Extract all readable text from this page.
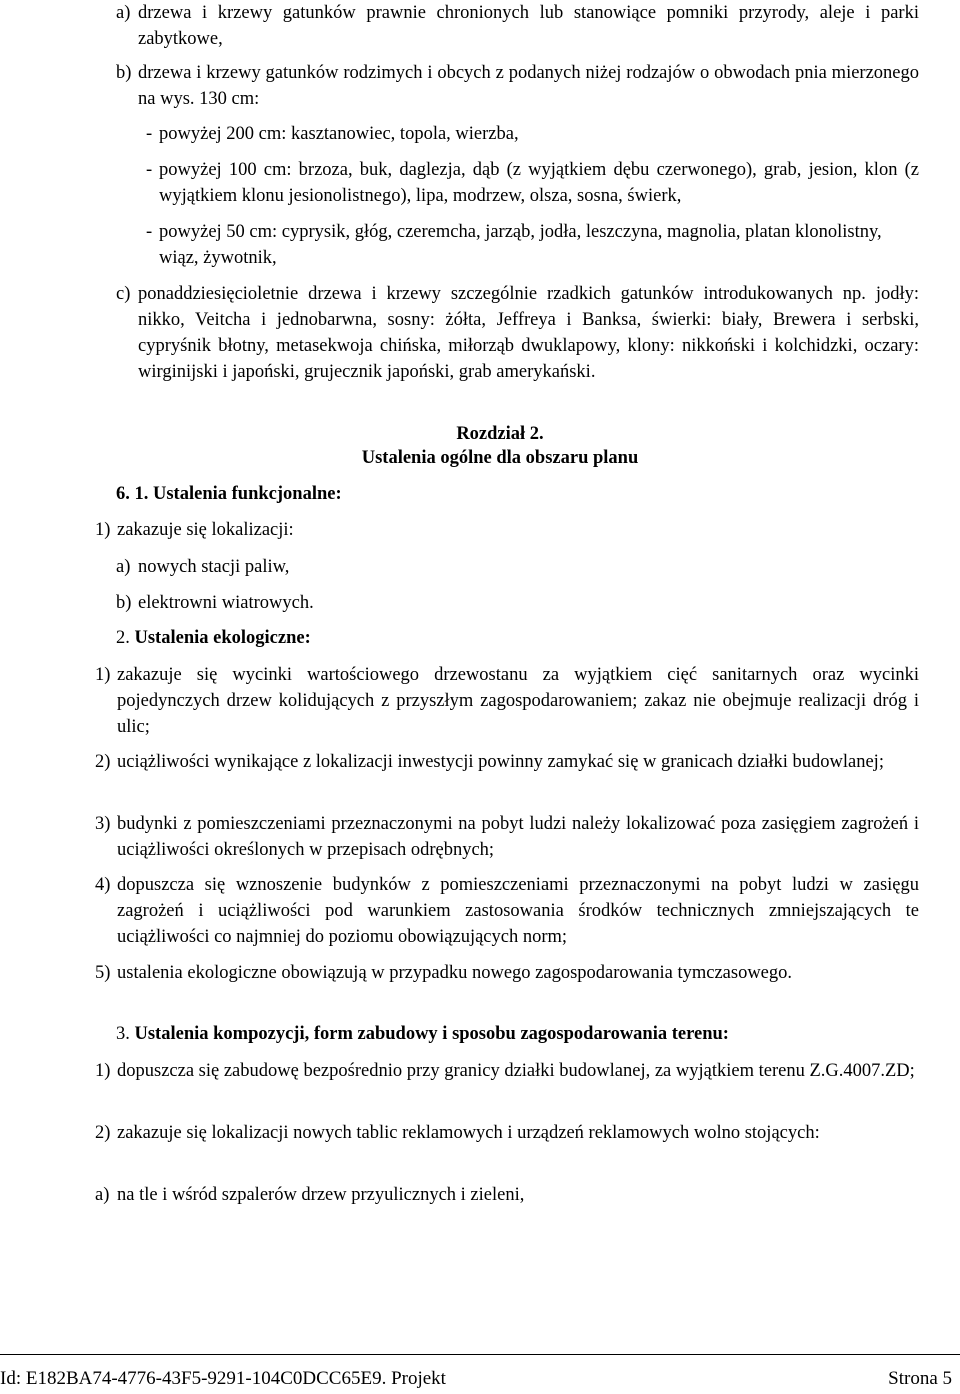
a) drzewa i krzewy gatunków prawnie chronionych lub stanowiące pomniki przyrody, aleje i parki zabytkowe,
b) drzewa i krzewy gatunków rodzimych i obcych z podanych niżej rodzajów o obwodach pnia mierzonego na wys. 130 cm:
- powyżej 200 cm: kasztanowiec, topola, wierzba,
- powyżej 100 cm: brzoza, buk, daglezja, dąb (z wyjątkiem dębu czerwonego), grab, jesion, klon (z wyjątkiem klonu jesionolistnego), lipa, modrzew, olsza, sosna, świerk,
- powyżej 50 cm: cyprysik, głóg, czeremcha, jarząb, jodła, leszczyna, magnolia, platan klonolistny, wiąz, żywotnik,
c) ponaddziesięcioletnie drzewa i krzewy szczególnie rzadkich gatunków introdukowanych np. jodły: nikko, Veitcha i jednobarwna, sosny: żółta, Jeffreya i Banksa, świerki: biały, Brewera i serbski, cypryśnik błotny, metasekwoja chińska, miłorząb dwuklapowy, klony: nikkoński i kolchidzki, oczary: wirginijski i japoński, grujecznik japoński, grab amerykański.
Rozdział 2.
Ustalenia ogólne dla obszaru planu
6. 1. Ustalenia funkcjonalne:
1) zakazuje się lokalizacji:
a) nowych stacji paliw,
b) elektrowni wiatrowych.
2. Ustalenia ekologiczne:
1) zakazuje się wycinki wartościowego drzewostanu za wyjątkiem cięć sanitarnych oraz wycinki pojedynczych drzew kolidujących z przyszłym zagospodarowaniem; zakaz nie obejmuje realizacji dróg i ulic;
2) uciążliwości wynikające z lokalizacji inwestycji powinny zamykać się w granicach działki budowlanej;
3) budynki z pomieszczeniami przeznaczonymi na pobyt ludzi należy lokalizować poza zasięgiem zagrożeń i uciążliwości określonych w przepisach odrębnych;
4) dopuszcza się wznoszenie budynków z pomieszczeniami przeznaczonymi na pobyt ludzi w zasięgu zagrożeń i uciążliwości pod warunkiem zastosowania środków technicznych zmniejszających te uciążliwości co najmniej do poziomu obowiązujących norm;
5) ustalenia ekologiczne obowiązują w przypadku nowego zagospodarowania tymczasowego.
3. Ustalenia kompozycji, form zabudowy i sposobu zagospodarowania terenu:
1) dopuszcza się zabudowę bezpośrednio przy granicy działki budowlanej, za wyjątkiem terenu Z.G.4007.ZD;
2) zakazuje się lokalizacji nowych tablic reklamowych i urządzeń reklamowych wolno stojących:
a) na tle i wśród szpalerów drzew przyulicznych i zieleni,
Id: E182BA74-4776-43F5-9291-104C0DCC65E9. Projekt	Strona 5
